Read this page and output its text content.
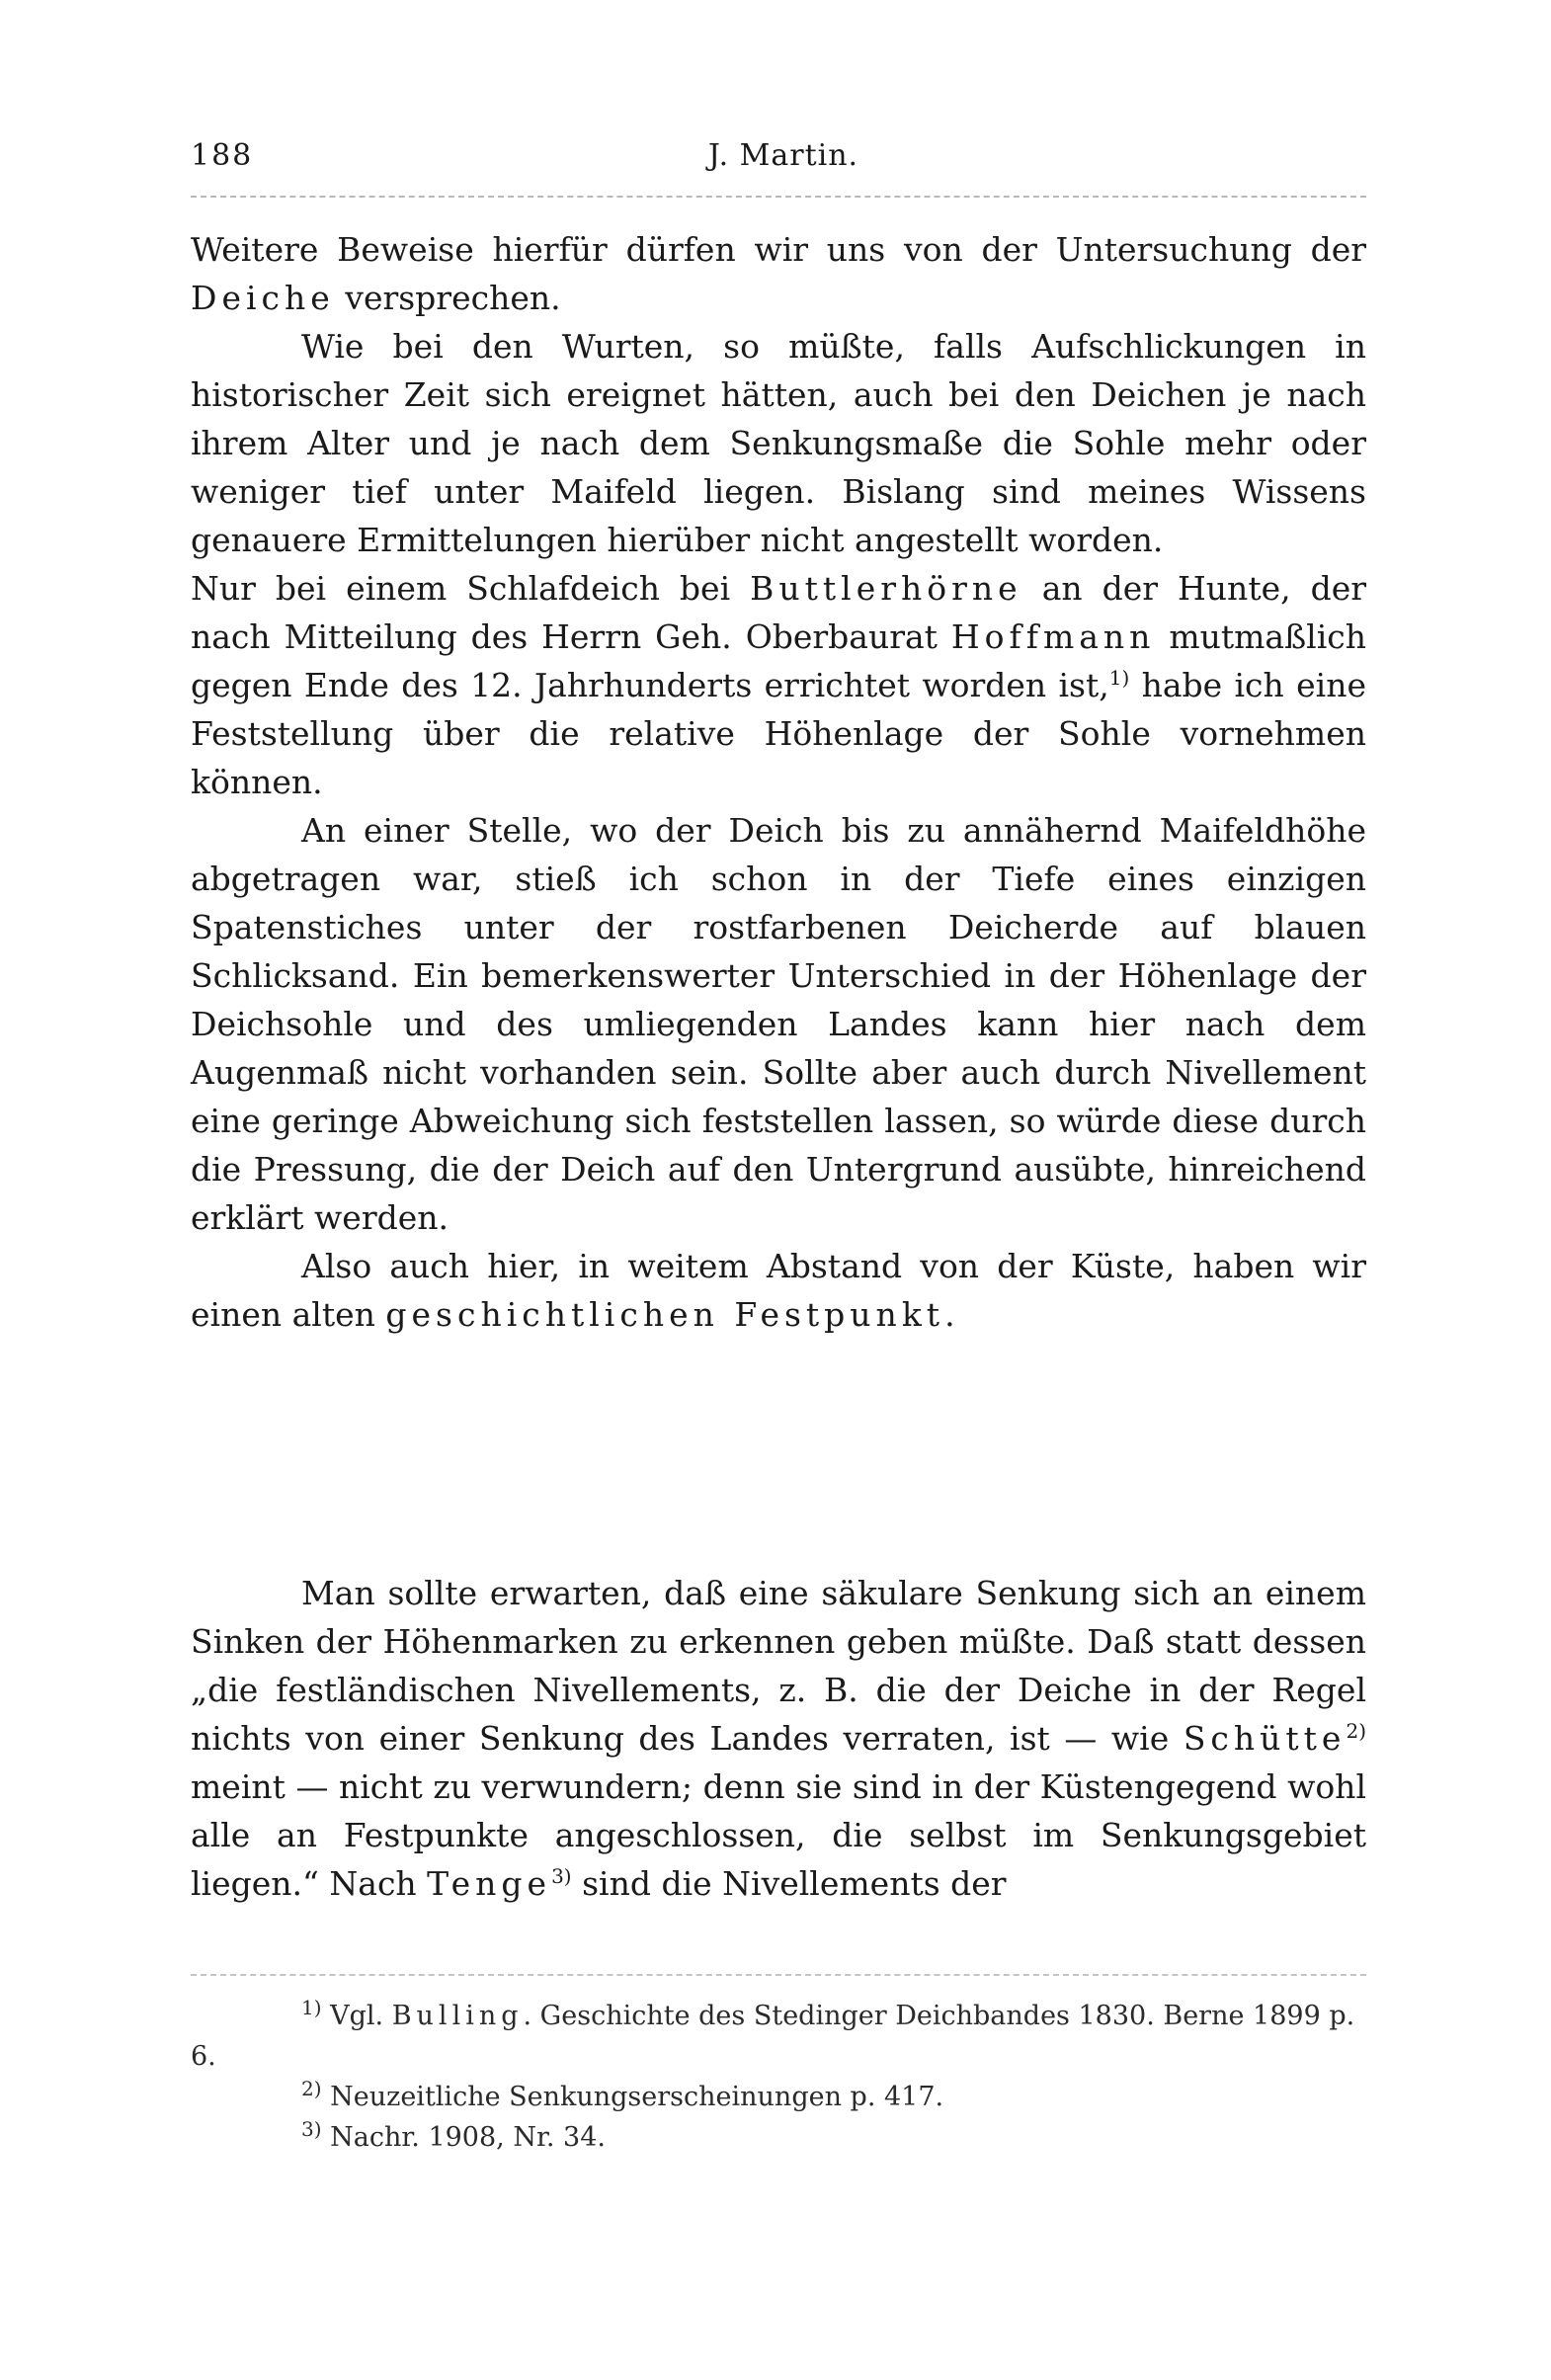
188	J. Martin.

Weitere Beweise hierfür dürfen wir uns von der Untersuchung der Deiche versprechen.

Wie bei den Wurten, so müßte, falls Aufschlickungen in historischer Zeit sich ereignet hätten, auch bei den Deichen je nach ihrem Alter und je nach dem Senkungsmaße die Sohle mehr oder weniger tief unter Maifeld liegen. Bislang sind meines Wissens genauere Ermittelungen hierüber nicht angestellt worden.

Nur bei einem Schlafdeich bei Buttlerhörne an der Hunte, der nach Mitteilung des Herrn Geh. Oberbaurat Hoffmann mutmaßlich gegen Ende des 12. Jahrhunderts errichtet worden ist,$^{1)}$ habe ich eine Feststellung über die relative Höhenlage der Sohle vornehmen können.

An einer Stelle, wo der Deich bis zu annähernd Maifeldhöhe abgetragen war, stieß ich schon in der Tiefe eines einzigen Spatenstiches unter der rostfarbenen Deicherde auf blauen Schlicksand. Ein bemerkenswerter Unterschied in der Höhenlage der Deichsohle und des umliegenden Landes kann hier nach dem Augenmaß nicht vorhanden sein. Sollte aber auch durch Nivellement eine geringe Abweichung sich feststellen lassen, so würde diese durch die Pressung, die der Deich auf den Untergrund ausübte, hinreichend erklärt werden.

Also auch hier, in weitem Abstand von der Küste, haben wir einen alten geschichtlichen Festpunkt.

Man sollte erwarten, daß eine säkulare Senkung sich an einem Sinken der Höhenmarken zu erkennen geben müßte. Daß statt dessen „die festländischen Nivellements, z. B. die der Deiche in der Regel nichts von einer Senkung des Landes verraten, ist — wie Schütte$^{2)}$ meint — nicht zu verwundern; denn sie sind in der Küstengegend wohl alle an Festpunkte angeschlossen, die selbst im Senkungsgebiet liegen.“ Nach Tenge$^{3)}$ sind die Nivellements der

$^{1)}$ Vgl. Bulling. Geschichte des Stedinger Deichbandes 1830. Berne 1899 p. 6.

$^{2)}$ Neuzeitliche Senkungserscheinungen p. 417.

$^{3)}$ Nachr. 1908, Nr. 34.
